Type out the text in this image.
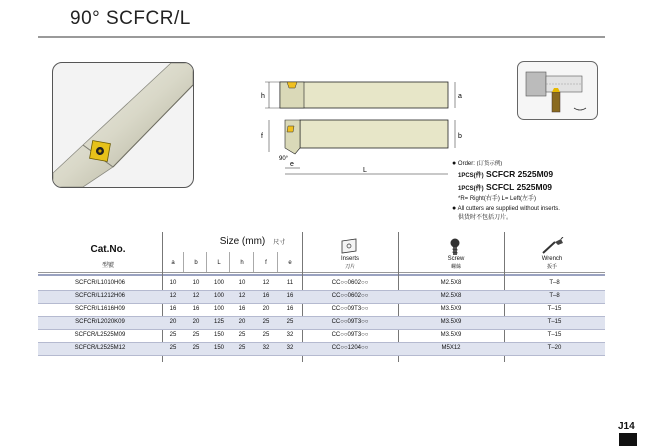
90° SCFCR/L
h	a
f	b
90°
e
L
● Order: (订货示例)
1PCS(件) SCFCR 2525M09
1PCS(件) SCFCL 2525M09
*R= Right(右手) L= Left(左手)
● All cutters are supplied without inserts.
供货时不包括刀片。
Cat.No.
型號
Size (mm) 尺寸
a	b	L	h	f	e
Inserts
刀片
Screw
螺絲
Wrench
扳手
SCFCR/L1010H06	10	10	100	10	12	11	CC○○0602○○	M2.5X8	T–8
SCFCR/L1212H06	12	12	100	12	16	16	CC○○0602○○	M2.5X8	T–8
SCFCR/L1616H09	16	16	100	16	20	16	CC○○09T3○○	M3.5X9	T–15
SCFCR/L2020K09	20	20	125	20	25	25	CC○○09T3○○	M3.5X9	T–15
SCFCR/L2525M09	25	25	150	25	25	32	CC○○09T3○○	M3.5X9	T–15
SCFCR/L2525M12	25	25	150	25	32	32	CC○○1204○○	M5X12	T–20
J14
